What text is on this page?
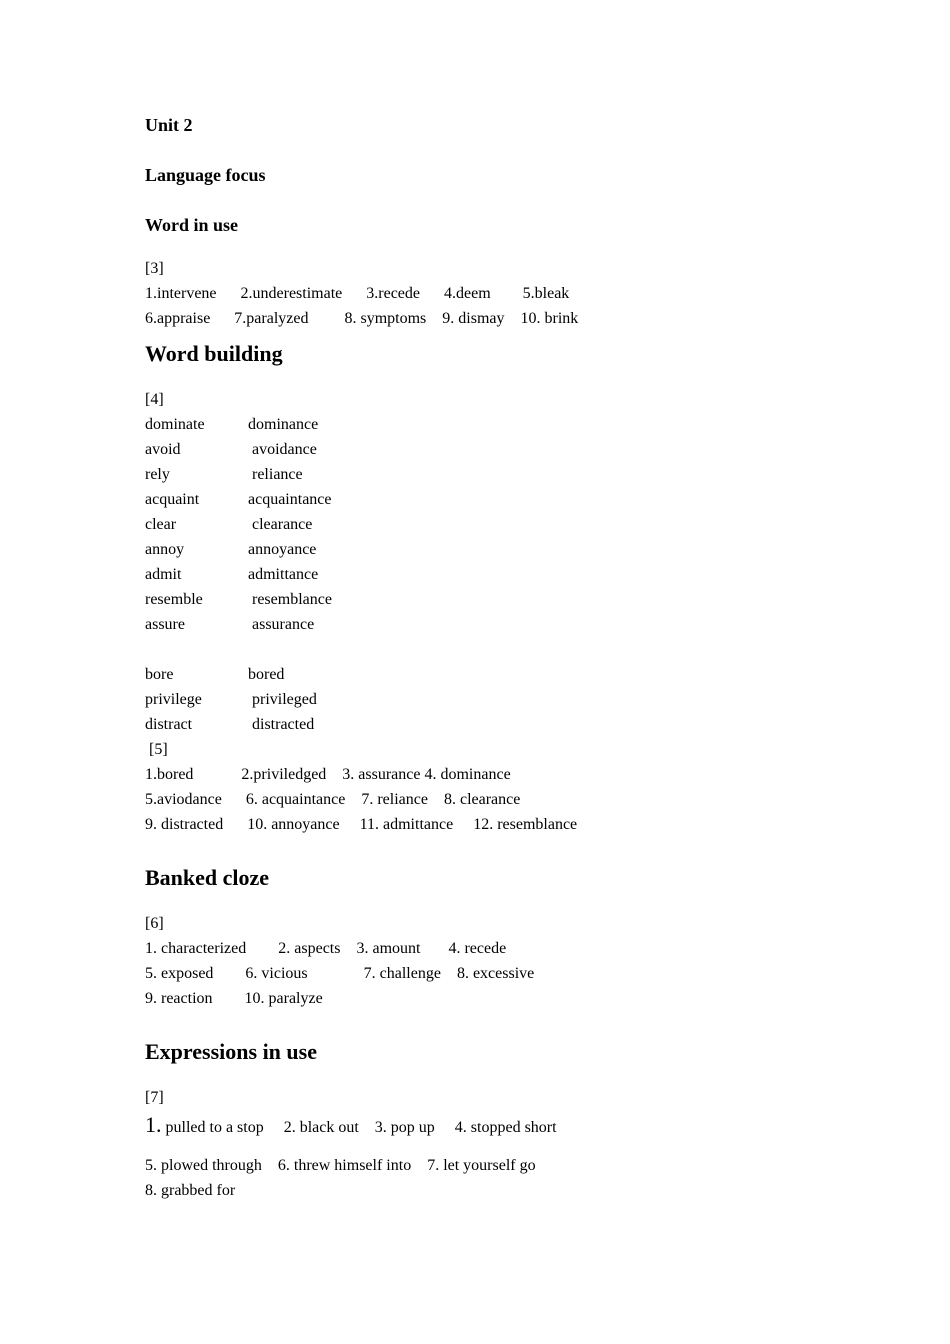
Unit 2
Language focus
Word in use
[3]
1.intervene      2.underestimate      3.recede      4.deem        5.bleak
6.appraise      7.paralyzed         8. symptoms    9. dismay    10. brink
Word building
[4]
dominate	dominance
avoid	avoidance
rely	reliance
acquaint	acquaintance
clear	clearance
annoy	annoyance
admit	admittance
resemble	resemblance
assure	assurance
bore	bored
privilege	privileged
distract	distracted
[5]
1.bored            2.priviledged    3. assurance 4. dominance
5.aviodance      6. acquaintance    7. reliance    8. clearance
9. distracted      10. annoyance     11. admittance     12. resemblance
Banked cloze
[6]
1. characterized        2. aspects    3. amount       4. recede
5. exposed        6. vicious              7. challenge    8. excessive
9. reaction        10. paralyze
Expressions in use
[7]
1. pulled to a stop     2. black out    3. pop up     4. stopped short
5. plowed through    6. threw himself into    7. let yourself go
8. grabbed for
